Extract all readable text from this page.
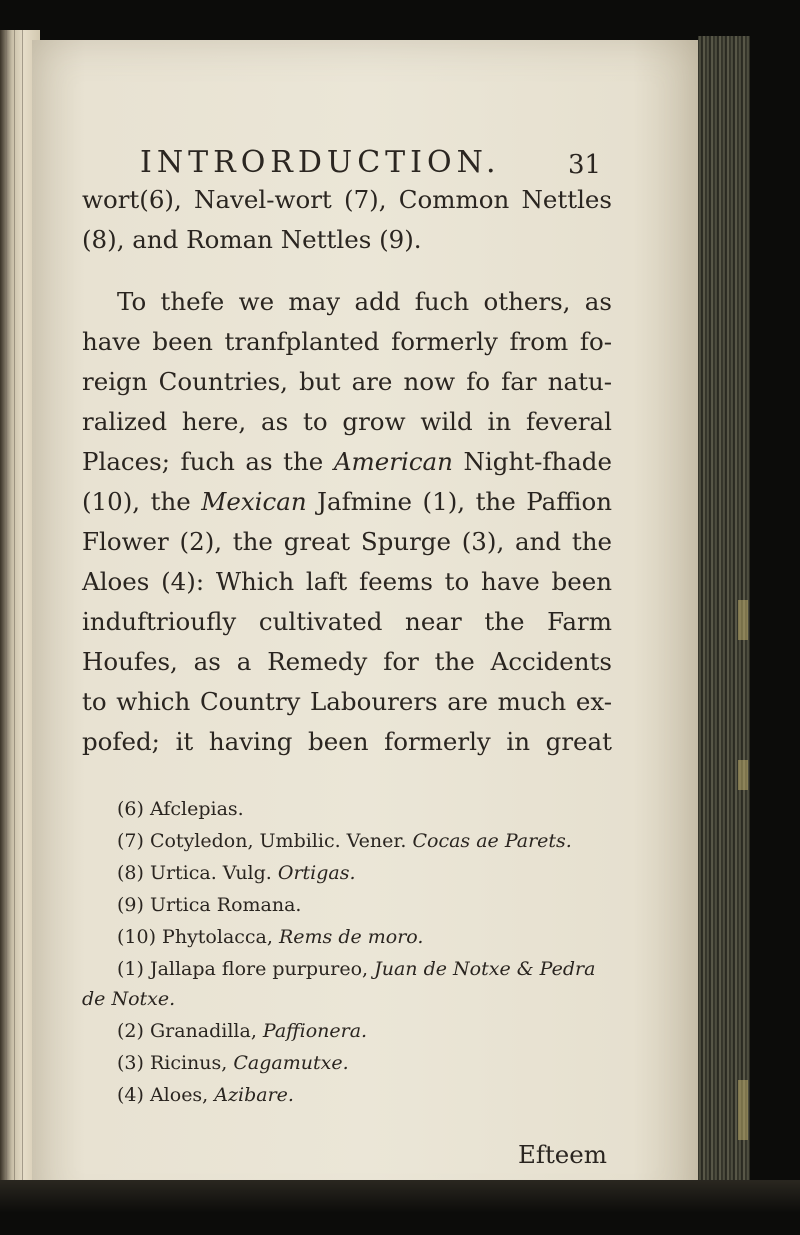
INTRORDUCTION.	31
wort(6), Navel-wort (7), Common Nettles
(8), and Roman Nettles (9).
To thefe we may add fuch others, as
have been tranfplanted formerly from fo-
reign Countries, but are now fo far natu-
ralized here, as to grow wild in feveral
Places; fuch as the American Night-fhade
(10), the Mexican Jafmine (1), the Paffion
Flower (2), the great Spurge (3), and the
Aloes (4): Which laft feems to have been
induftrioufly cultivated near the Farm
Houfes, as a Remedy for the Accidents
to which Country Labourers are much ex-
pofed; it having been formerly in great
(6) Afclepias.
(7) Cotyledon, Umbilic. Vener. Cocas ae Parets.
(8) Urtica. Vulg. Ortigas.
(9) Urtica Romana.
(10) Phytolacca, Rems de moro.
(1) Jallapa flore purpureo, Juan de Notxe & Pedra
de Notxe.
(2) Granadilla, Paffionera.
(3) Ricinus, Cagamutxe.
(4) Aloes, Azibare.
Efteem
